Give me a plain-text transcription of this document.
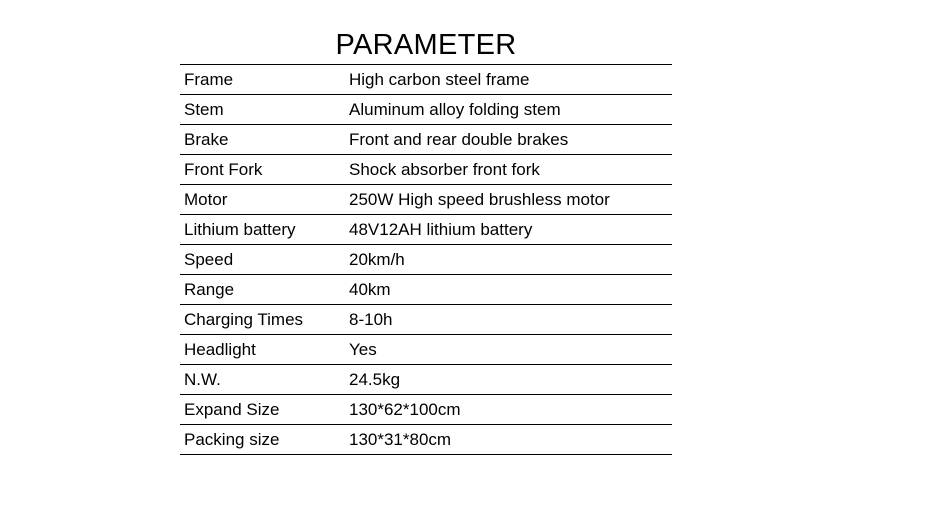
PARAMETER
Frame	High carbon steel frame
Stem	Aluminum alloy folding stem
Brake	Front and rear double brakes
Front Fork	Shock absorber front fork
Motor	250W High speed brushless motor
Lithium battery	48V12AH lithium battery
Speed	20km/h
Range	40km
Charging Times	8-10h
Headlight	Yes
N.W.	24.5kg
Expand Size	130*62*100cm
Packing size	130*31*80cm
